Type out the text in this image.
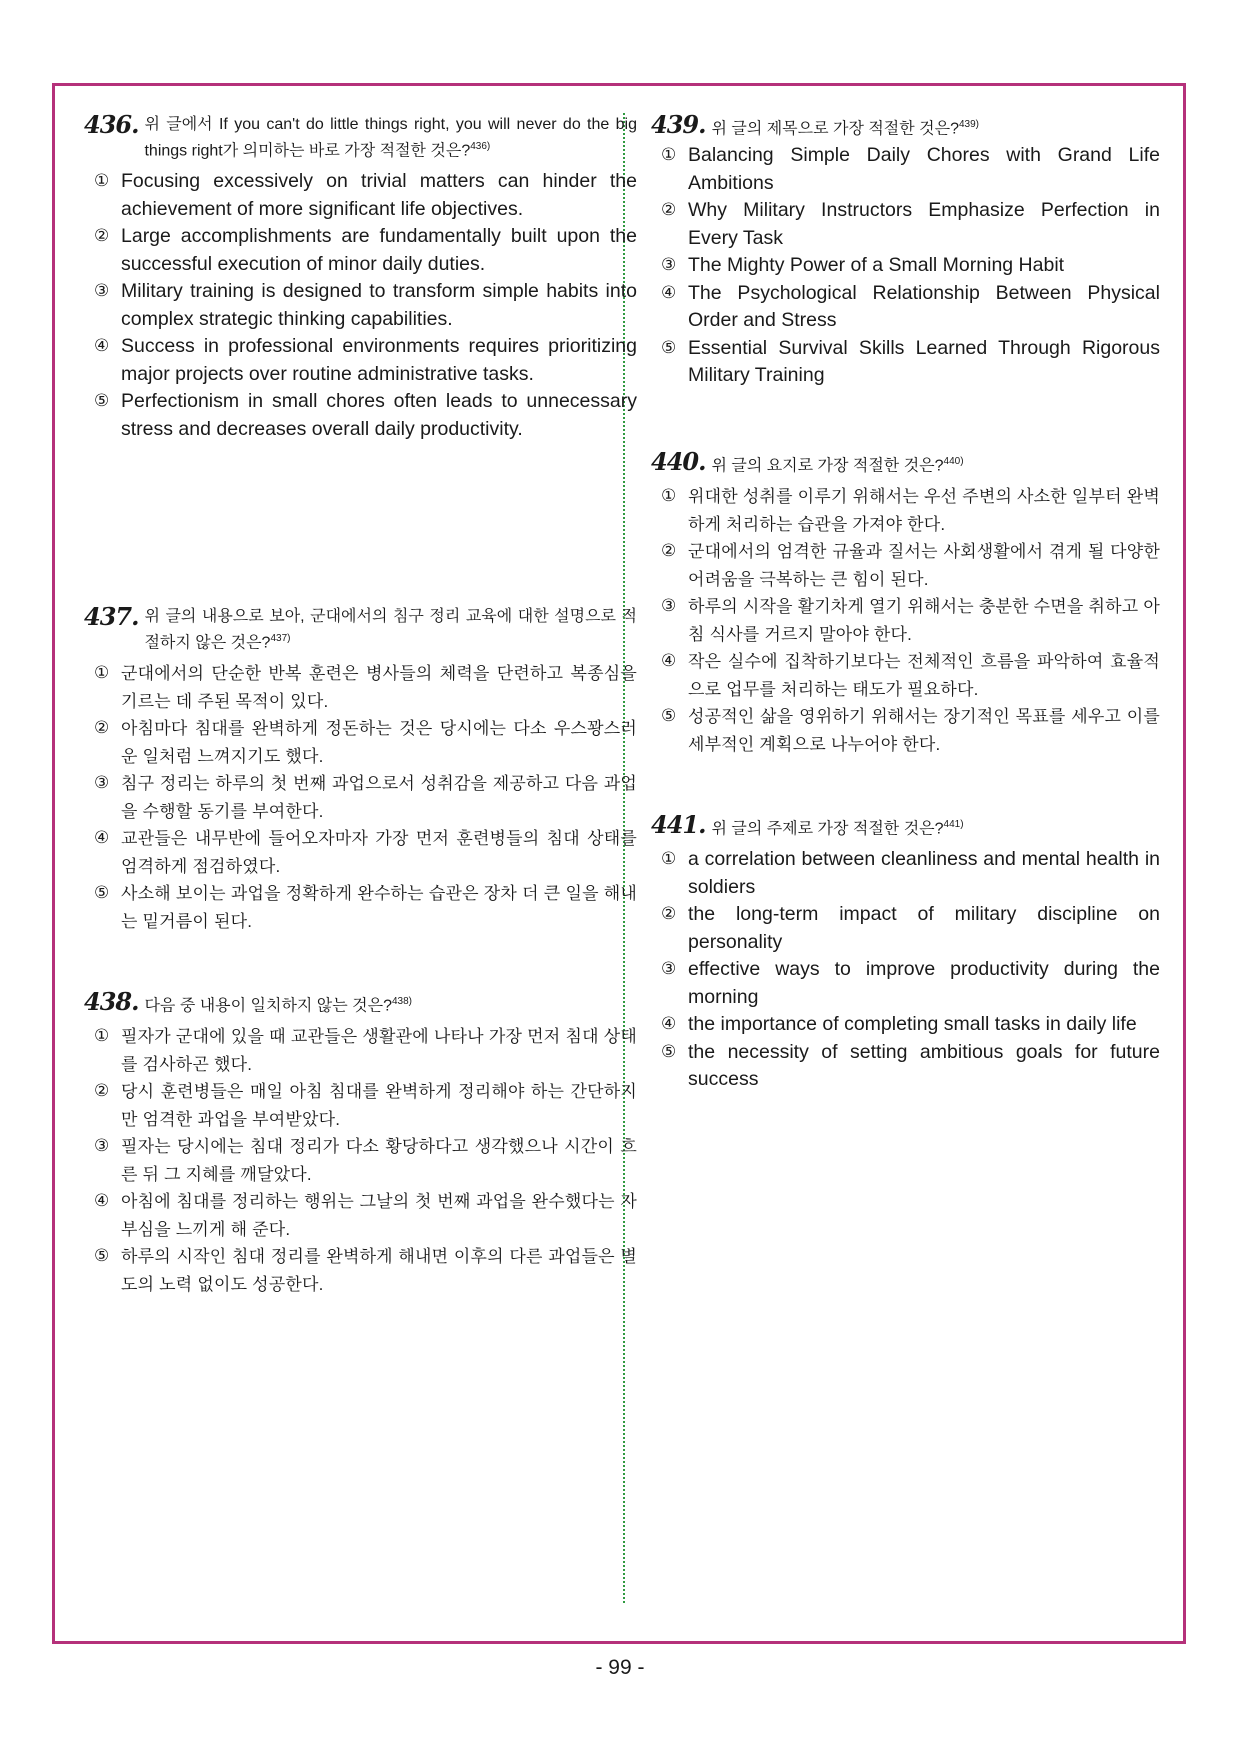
436. 위 글에서 If you can't do little things right, you will never do the big things right가 의미하는 바로 가장 적절한 것은?$^{436)}$
① Focusing excessively on trivial matters can hinder the achievement of more significant life objectives.
② Large accomplishments are fundamentally built upon the successful execution of minor daily duties.
③ Military training is designed to transform simple habits into complex strategic thinking capabilities.
④ Success in professional environments requires prioritizing major projects over routine administrative tasks.
⑤ Perfectionism in small chores often leads to unnecessary stress and decreases overall daily productivity.
437. 위 글의 내용으로 보아, 군대에서의 침구 정리 교육에 대한 설명으로 적절하지 않은 것은?$^{437)}$
① 군대에서의 단순한 반복 훈련은 병사들의 체력을 단련하고 복종심을 기르는 데 주된 목적이 있다.
② 아침마다 침대를 완벽하게 정돈하는 것은 당시에는 다소 우스꽝스러운 일처럼 느껴지기도 했다.
③ 침구 정리는 하루의 첫 번째 과업으로서 성취감을 제공하고 다음 과업을 수행할 동기를 부여한다.
④ 교관들은 내무반에 들어오자마자 가장 먼저 훈련병들의 침대 상태를 엄격하게 점검하였다.
⑤ 사소해 보이는 과업을 정확하게 완수하는 습관은 장차 더 큰 일을 해내는 밑거름이 된다.
438. 다음 중 내용이 일치하지 않는 것은?$^{438)}$
① 필자가 군대에 있을 때 교관들은 생활관에 나타나 가장 먼저 침대 상태를 검사하곤 했다.
② 당시 훈련병들은 매일 아침 침대를 완벽하게 정리해야 하는 간단하지만 엄격한 과업을 부여받았다.
③ 필자는 당시에는 침대 정리가 다소 황당하다고 생각했으나 시간이 흐른 뒤 그 지혜를 깨달았다.
④ 아침에 침대를 정리하는 행위는 그날의 첫 번째 과업을 완수했다는 자부심을 느끼게 해 준다.
⑤ 하루의 시작인 침대 정리를 완벽하게 해내면 이후의 다른 과업들은 별도의 노력 없이도 성공한다.
439. 위 글의 제목으로 가장 적절한 것은?$^{439)}$
① Balancing Simple Daily Chores with Grand Life Ambitions
② Why Military Instructors Emphasize Perfection in Every Task
③ The Mighty Power of a Small Morning Habit
④ The Psychological Relationship Between Physical Order and Stress
⑤ Essential Survival Skills Learned Through Rigorous Military Training
440. 위 글의 요지로 가장 적절한 것은?$^{440)}$
① 위대한 성취를 이루기 위해서는 우선 주변의 사소한 일부터 완벽하게 처리하는 습관을 가져야 한다.
② 군대에서의 엄격한 규율과 질서는 사회생활에서 겪게 될 다양한 어려움을 극복하는 큰 힘이 된다.
③ 하루의 시작을 활기차게 열기 위해서는 충분한 수면을 취하고 아침 식사를 거르지 말아야 한다.
④ 작은 실수에 집착하기보다는 전체적인 흐름을 파악하여 효율적으로 업무를 처리하는 태도가 필요하다.
⑤ 성공적인 삶을 영위하기 위해서는 장기적인 목표를 세우고 이를 세부적인 계획으로 나누어야 한다.
441. 위 글의 주제로 가장 적절한 것은?$^{441)}$
① a correlation between cleanliness and mental health in soldiers
② the long-term impact of military discipline on personality
③ effective ways to improve productivity during the morning
④ the importance of completing small tasks in daily life
⑤ the necessity of setting ambitious goals for future success
- 99 -
